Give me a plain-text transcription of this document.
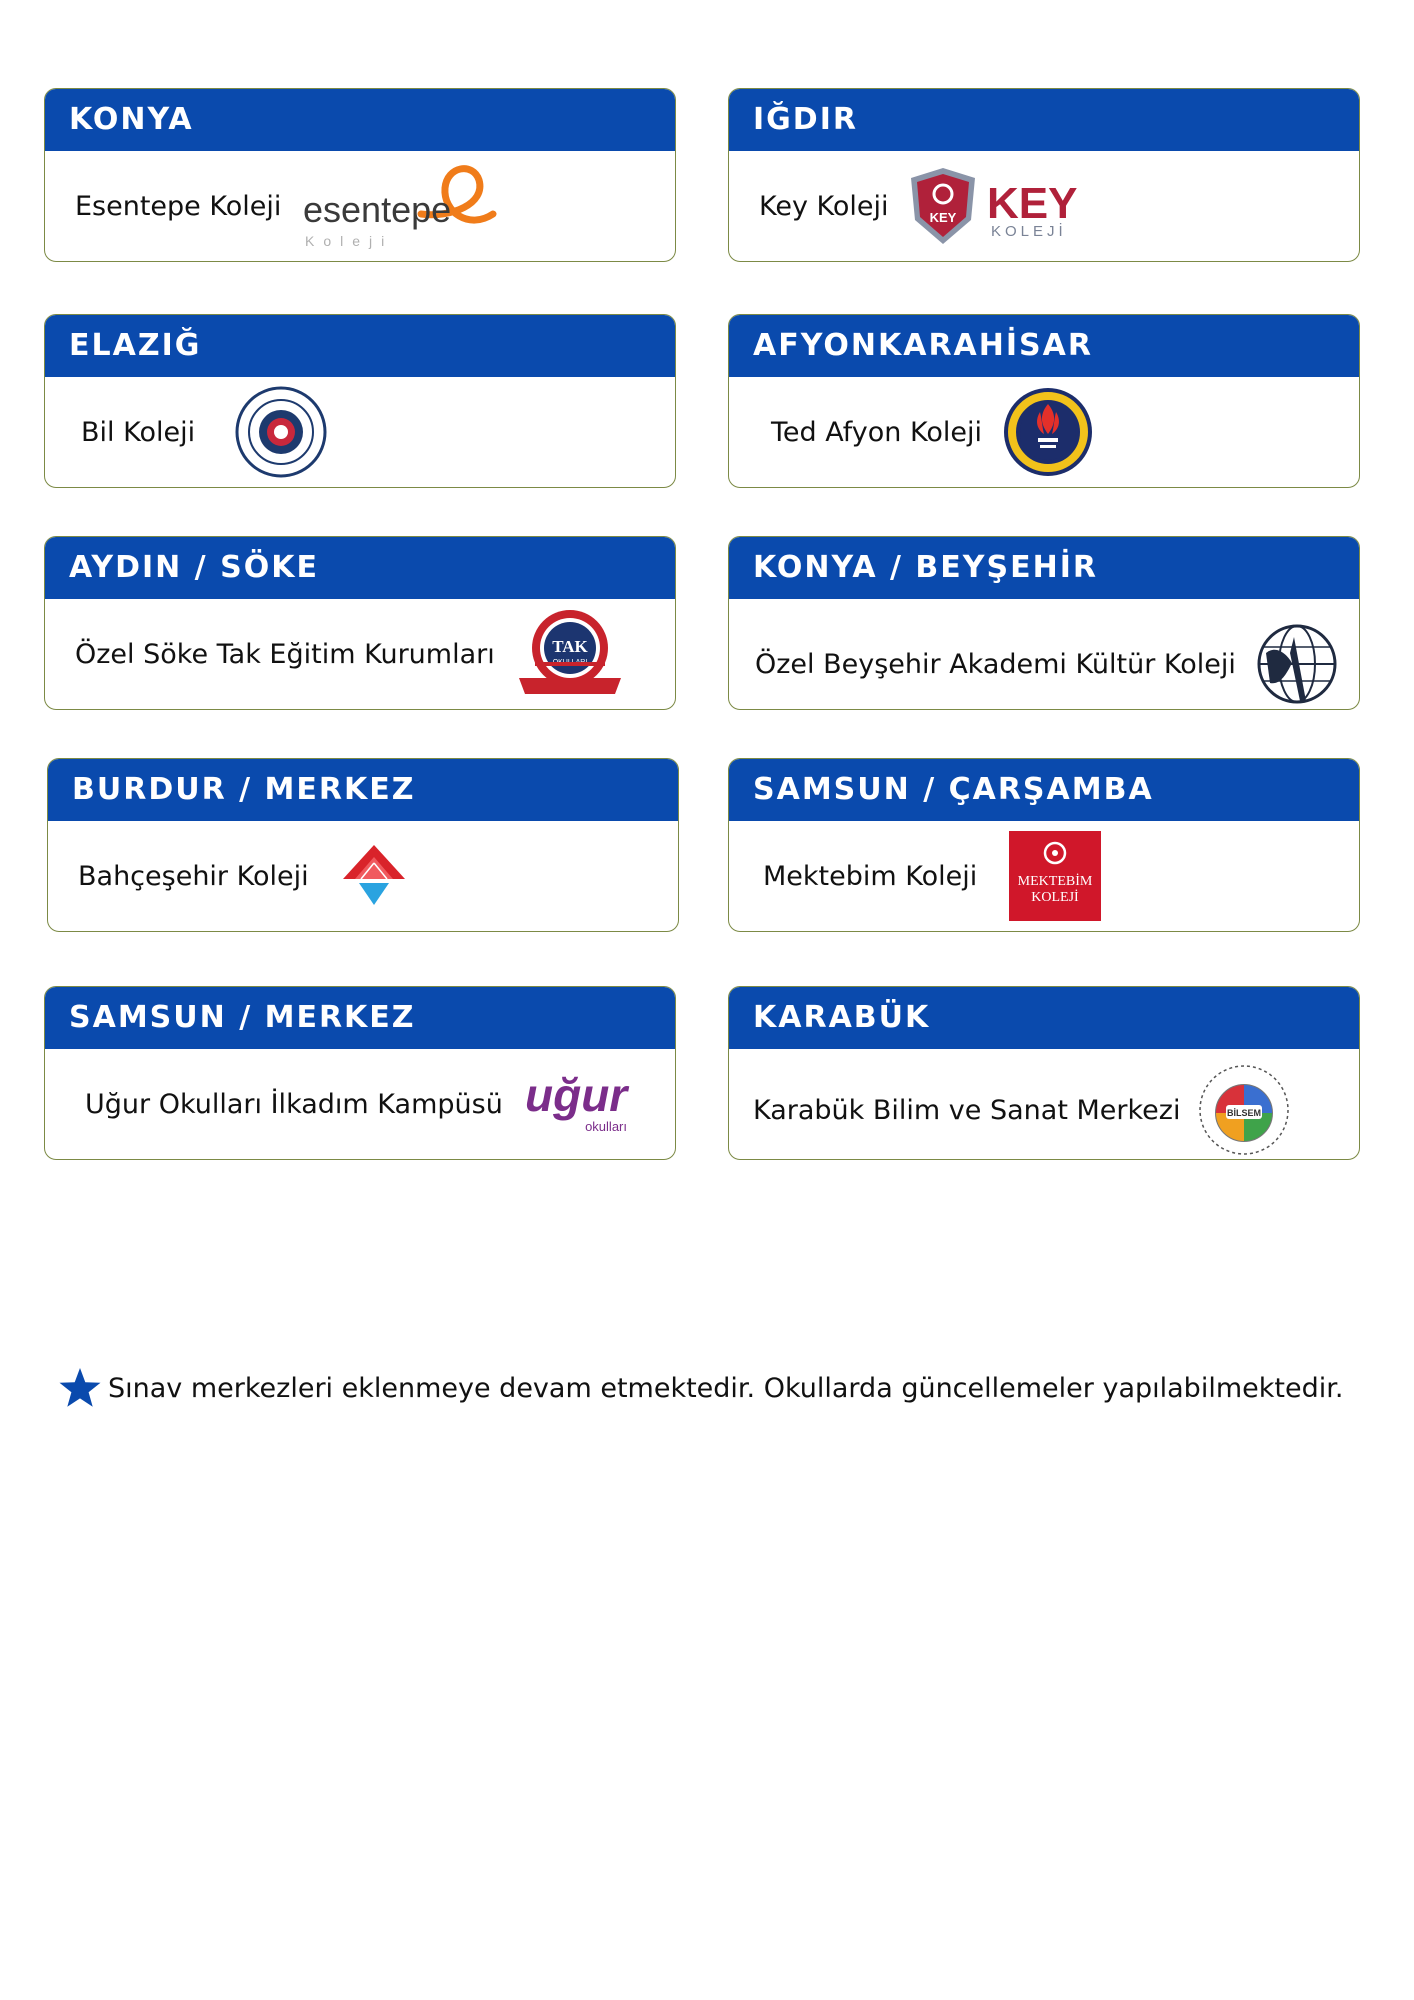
KONYA
Esentepe Koleji esentepe
Koleji
IĞDIR
Key Koleji	KEY KEY
KOLEJİ
ELAZIĞ
Bil Koleji
AFYONKARAHİSAR
Ted Afyon Koleji
AYDIN / SÖKE
Özel Söke Tak Eğitim Kurumları	TAK
KONYA / BEYŞEHİR
Özel Beyşehir Akademi Kültür Koleji
BURDUR / MERKEZ
Bahçeşehir Koleji
SAMSUN / ÇARŞAMBA
Mektebim Koleji	MEKTEBİM
KOLEJİ
SAMSUN / MERKEZ
Uğur Okulları İlkadım Kampüsü uğur
okulları
KARABÜK
Karabük Bilim ve Sanat Merkezi	BİLSEM
Sınav merkezleri eklenmeye devam etmektedir. Okullarda güncellemeler yapılabilmektedir.
